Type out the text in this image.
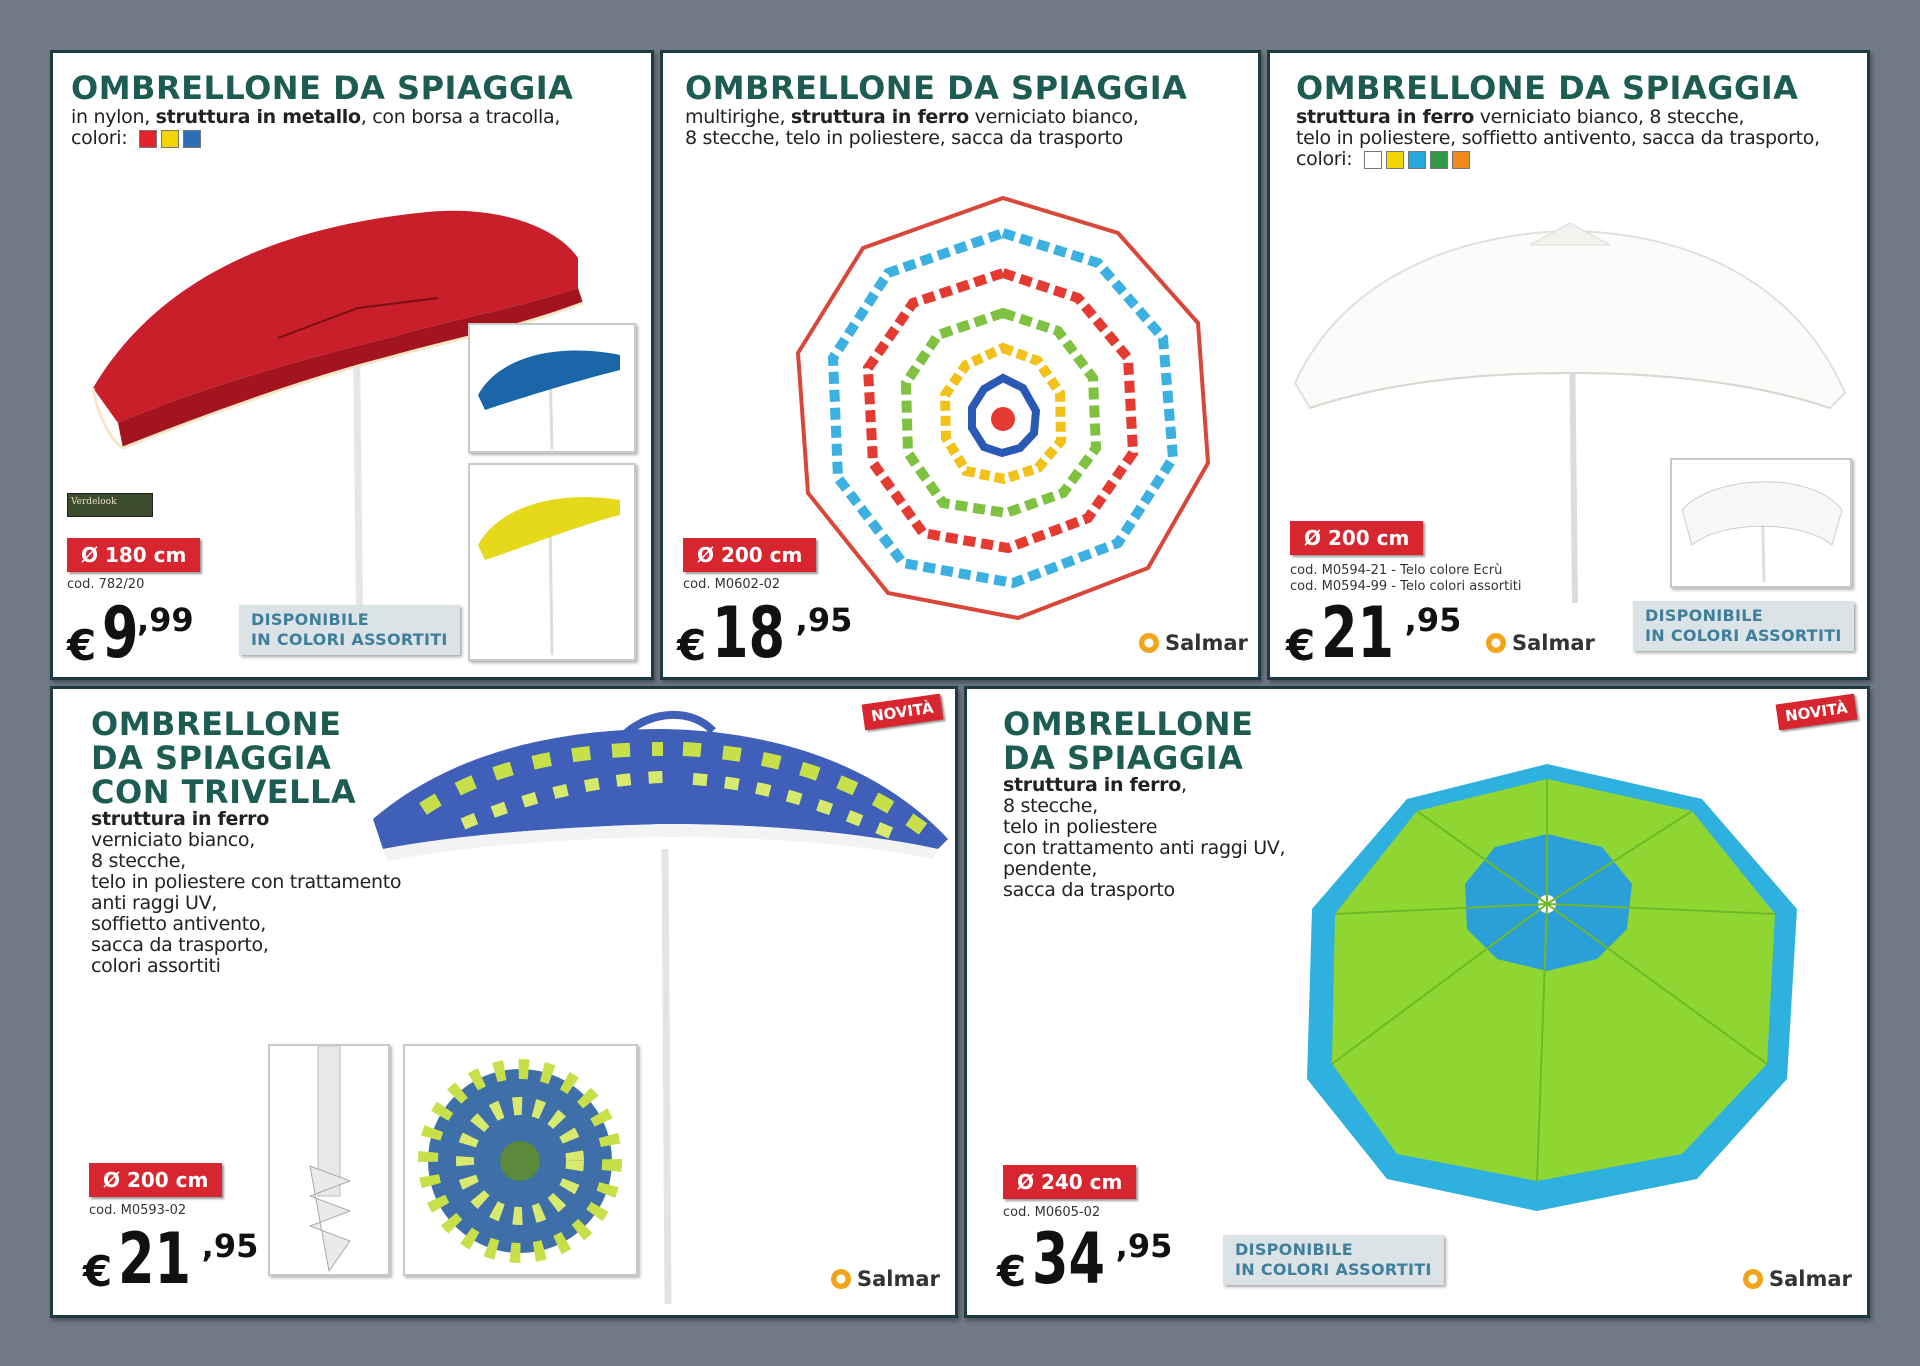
OMBRELLONE DA SPIAGGIA
in nylon, struttura in metallo, con borsa a tracolla,
colori:
Verdelook
Ø 180 cm
cod. 782/20
€ 9
,99	DISPONIBILE
IN COLORI ASSORTITI
OMBRELLONE DA SPIAGGIA
multirighe, struttura in ferro verniciato bianco,
8 stecche, telo in poliestere, sacca da trasporto
Ø 200 cm
cod. M0602-02
€ 18 ,95
Salmar
OMBRELLONE DA SPIAGGIA
struttura in ferro verniciato bianco, 8 stecche,
telo in poliestere, soffietto antivento, sacca da trasporto,
colori:
Ø 200 cm
cod. M0594-21 - Telo colore Ecrù
cod. M0594-99 - Telo colori assortiti
€ 21 ,95
Salmar
DISPONIBILE
IN COLORI ASSORTITI
OMBRELLONE
DA SPIAGGIA
CON TRIVELLA
struttura in ferro
verniciato bianco,
8 stecche,
telo in poliestere con trattamento
anti raggi UV,
soffietto antivento,
sacca da trasporto,
colori assortiti
NOVITÀ
Ø 200 cm
cod. M0593-02
€ 21 ,95
Salmar
OMBRELLONE
DA SPIAGGIA
struttura in ferro,
8 stecche,
telo in poliestere
con trattamento anti raggi UV,
pendente,
sacca da trasporto
NOVITÀ
Ø 240 cm
cod. M0605-02
€ 34 ,95	DISPONIBILE
IN COLORI ASSORTITI	Salmar
